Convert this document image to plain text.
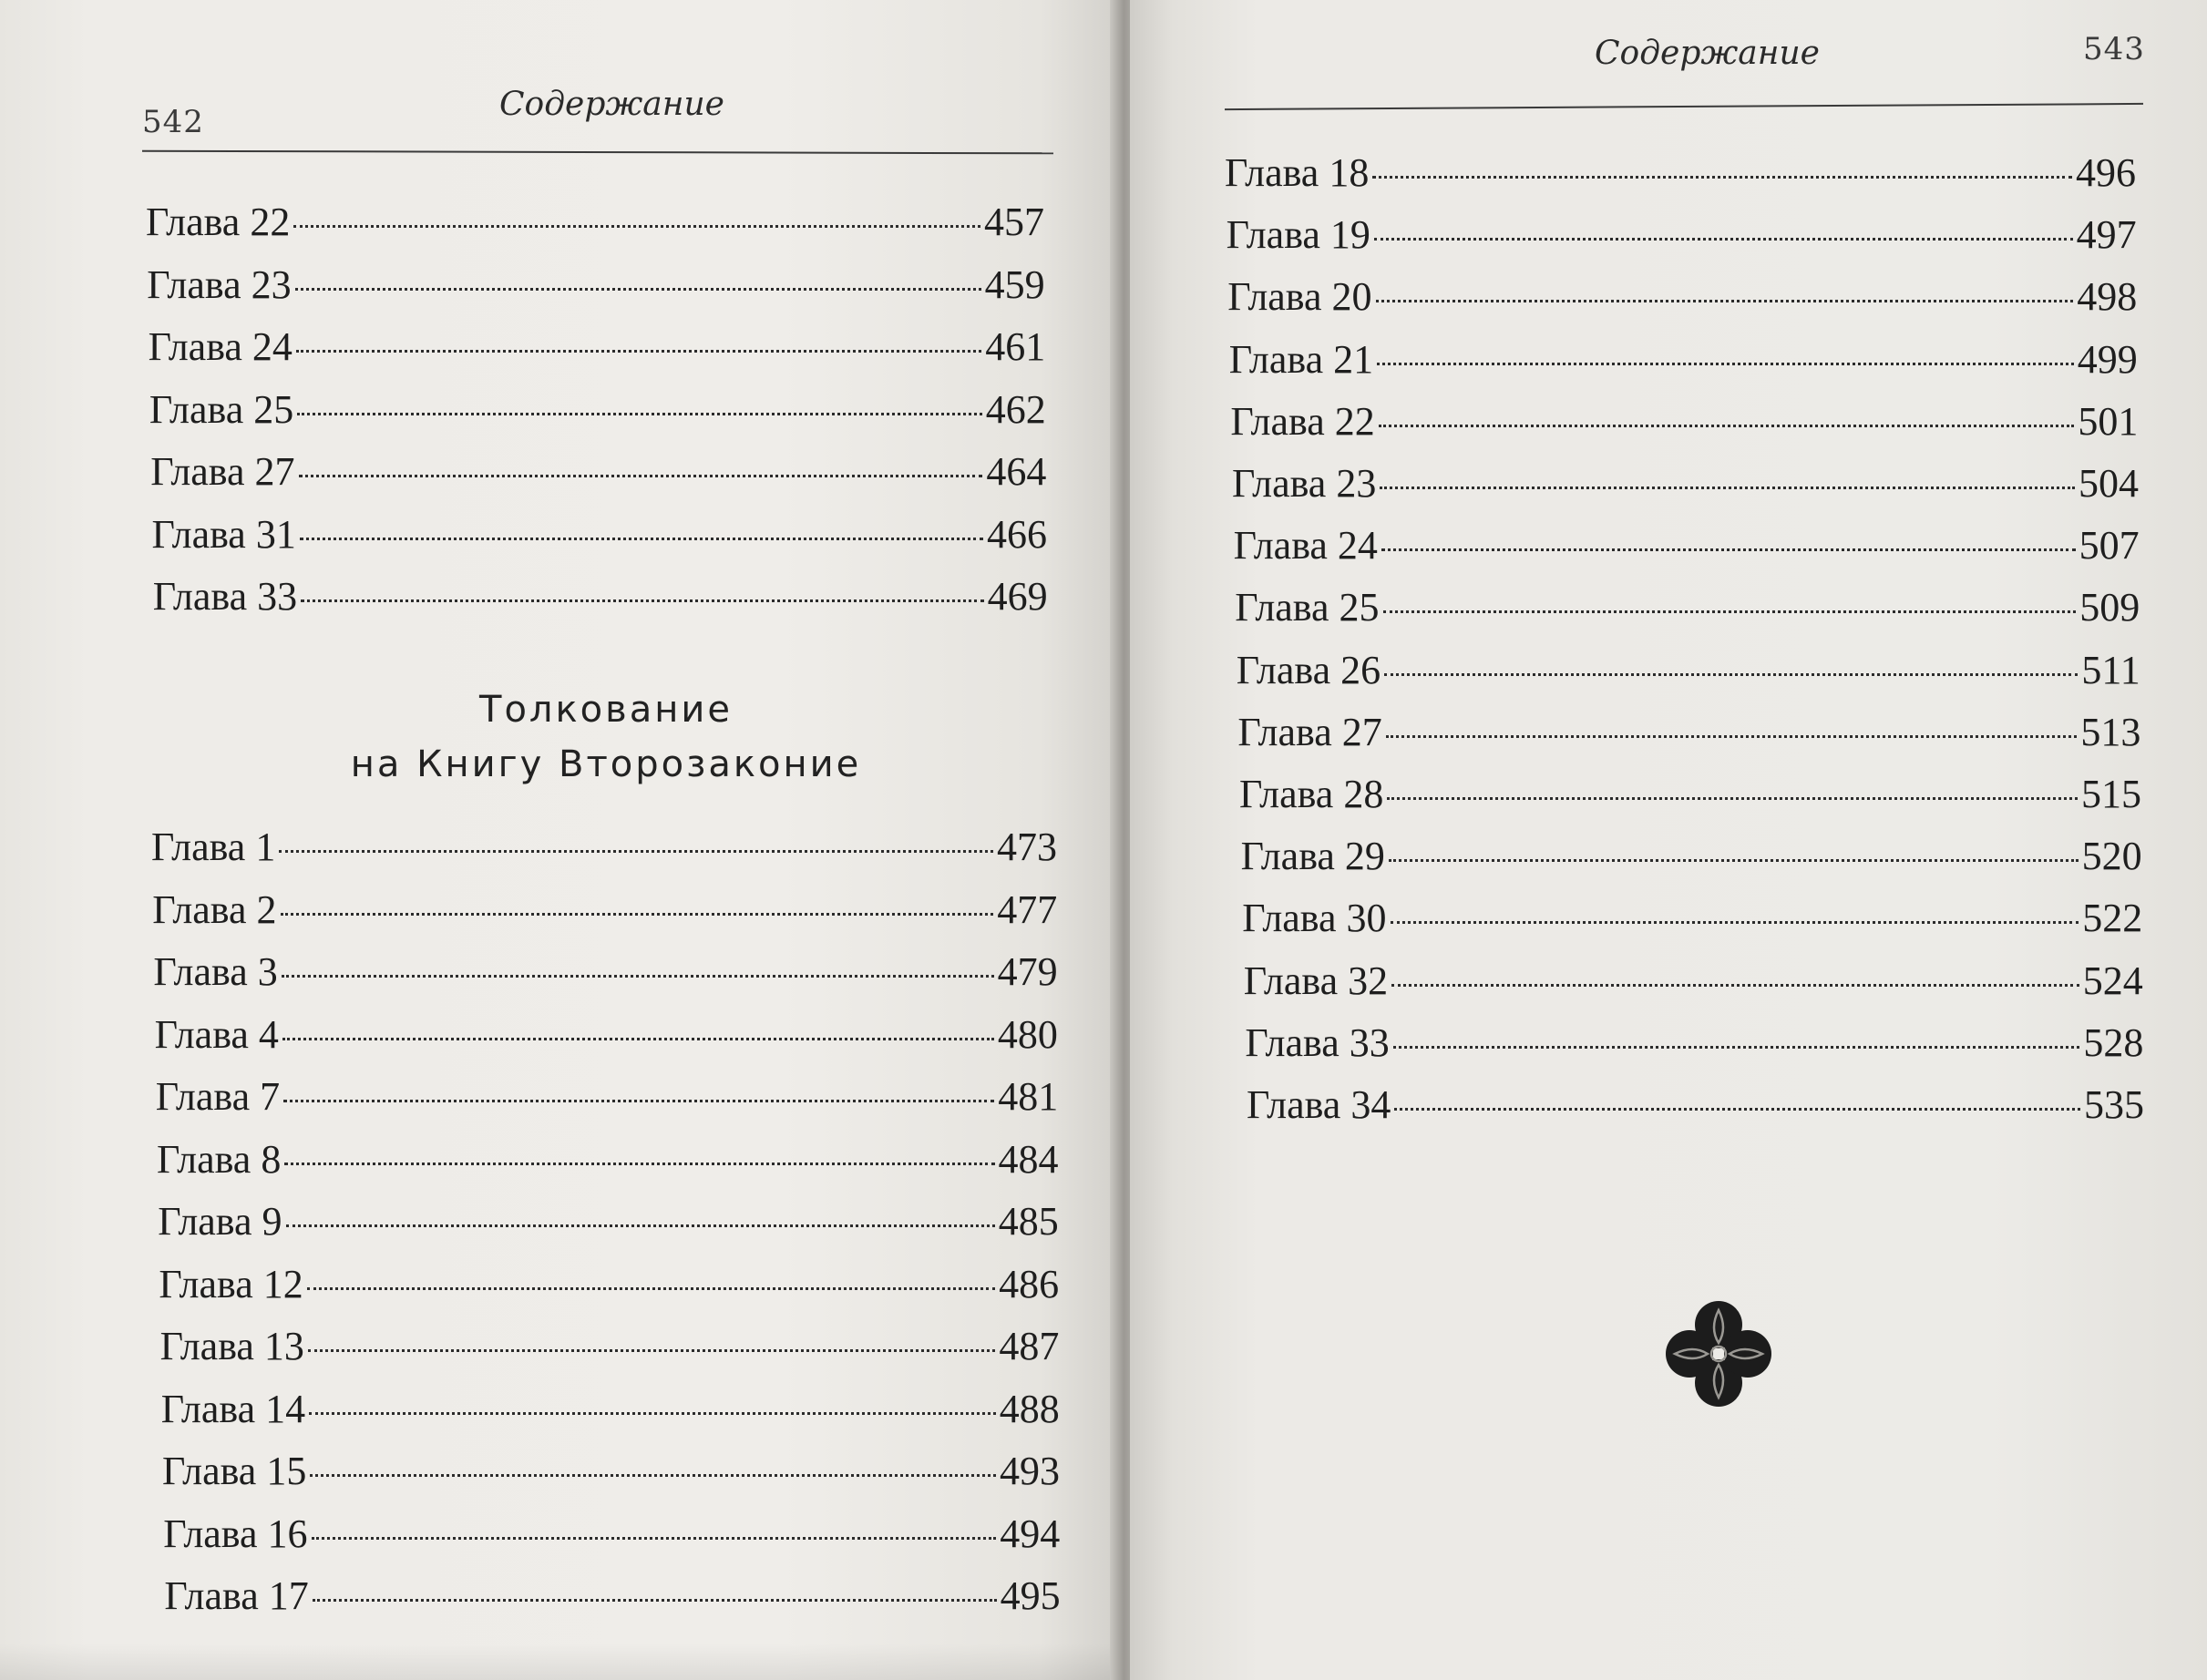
542	Содержание
Глава 22	457
Глава 23	459
Глава 24	461
Глава 25	462
Глава 27	464
Глава 31	466
Глава 33	469
Толкование
на Книгу Второзаконие
Глава 1	473
Глава 2	477
Глава 3	479
Глава 4	480
Глава 7	481
Глава 8	484
Глава 9	485
Глава 12	486
Глава 13	487
Глава 14	488
Глава 15	493
Глава 16	494
Глава 17	495
Содержание	543
Глава 18	496
Глава 19	497
Глава 20	498
Глава 21	499
Глава 22	501
Глава 23	504
Глава 24	507
Глава 25	509
Глава 26	511
Глава 27	513
Глава 28	515
Глава 29	520
Глава 30	522
Глава 32	524
Глава 33	528
Глава 34	535
